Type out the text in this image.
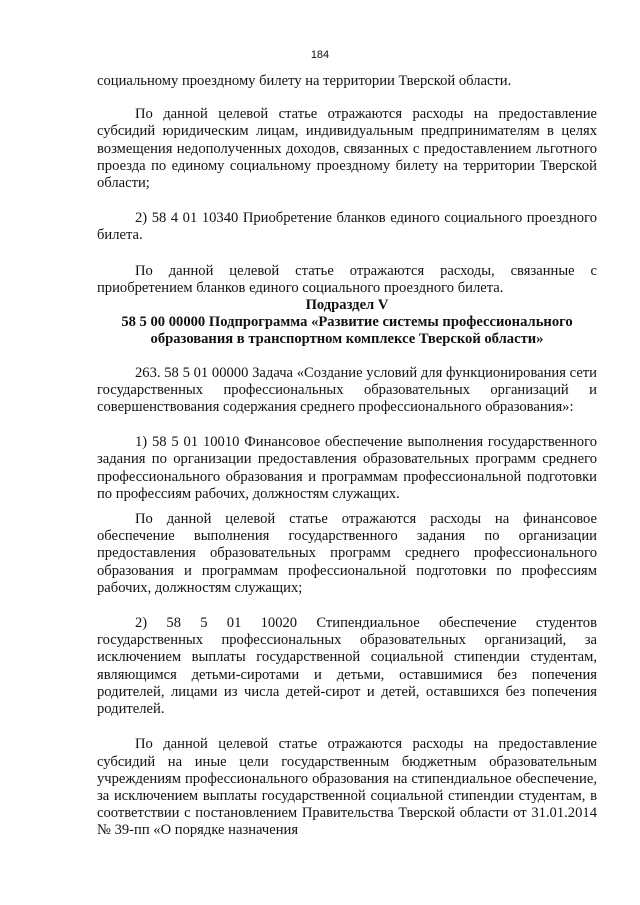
184

социальному проездному билету на территории Тверской области.

По данной целевой статье отражаются расходы на предоставление субсидий юридическим лицам, индивидуальным предпринимателям в целях возмещения недополученных доходов, связанных с предоставлением льготного проезда по единому социальному проездному билету на территории Тверской области;

2) 58 4 01 10340 Приобретение бланков единого социального проездного билета.

По данной целевой статье отражаются расходы, связанные с приобретением бланков единого социального проездного билета.

Подраздел V

58 5 00 00000 Подпрограмма «Развитие системы профессионального образования в транспортном комплексе Тверской области»

263. 58 5 01 00000 Задача «Создание условий для функционирования сети государственных профессиональных образовательных организаций и совершенствования содержания среднего профессионального образования»:

1) 58 5 01 10010 Финансовое обеспечение выполнения государственного задания по организации предоставления образовательных программ среднего профессионального образования и программам профессиональной подготовки по профессиям рабочих, должностям служащих.

По данной целевой статье отражаются расходы на финансовое обеспечение выполнения государственного задания по организации предоставления образовательных программ среднего профессионального образования и программам профессиональной подготовки по профессиям рабочих, должностям служащих;

2) 58 5 01 10020 Стипендиальное обеспечение студентов государственных профессиональных образовательных организаций, за исключением выплаты государственной социальной стипендии студентам, являющимся детьми-сиротами и детьми, оставшимися без попечения родителей, лицами из числа детей-сирот и детей, оставшихся без попечения родителей.

По данной целевой статье отражаются расходы на предоставление субсидий на иные цели государственным бюджетным образовательным учреждениям профессионального образования на стипендиальное обеспечение, за исключением выплаты государственной социальной стипендии студентам, в соответствии с постановлением Правительства Тверской области от 31.01.2014 № 39-пп «О порядке назначения
